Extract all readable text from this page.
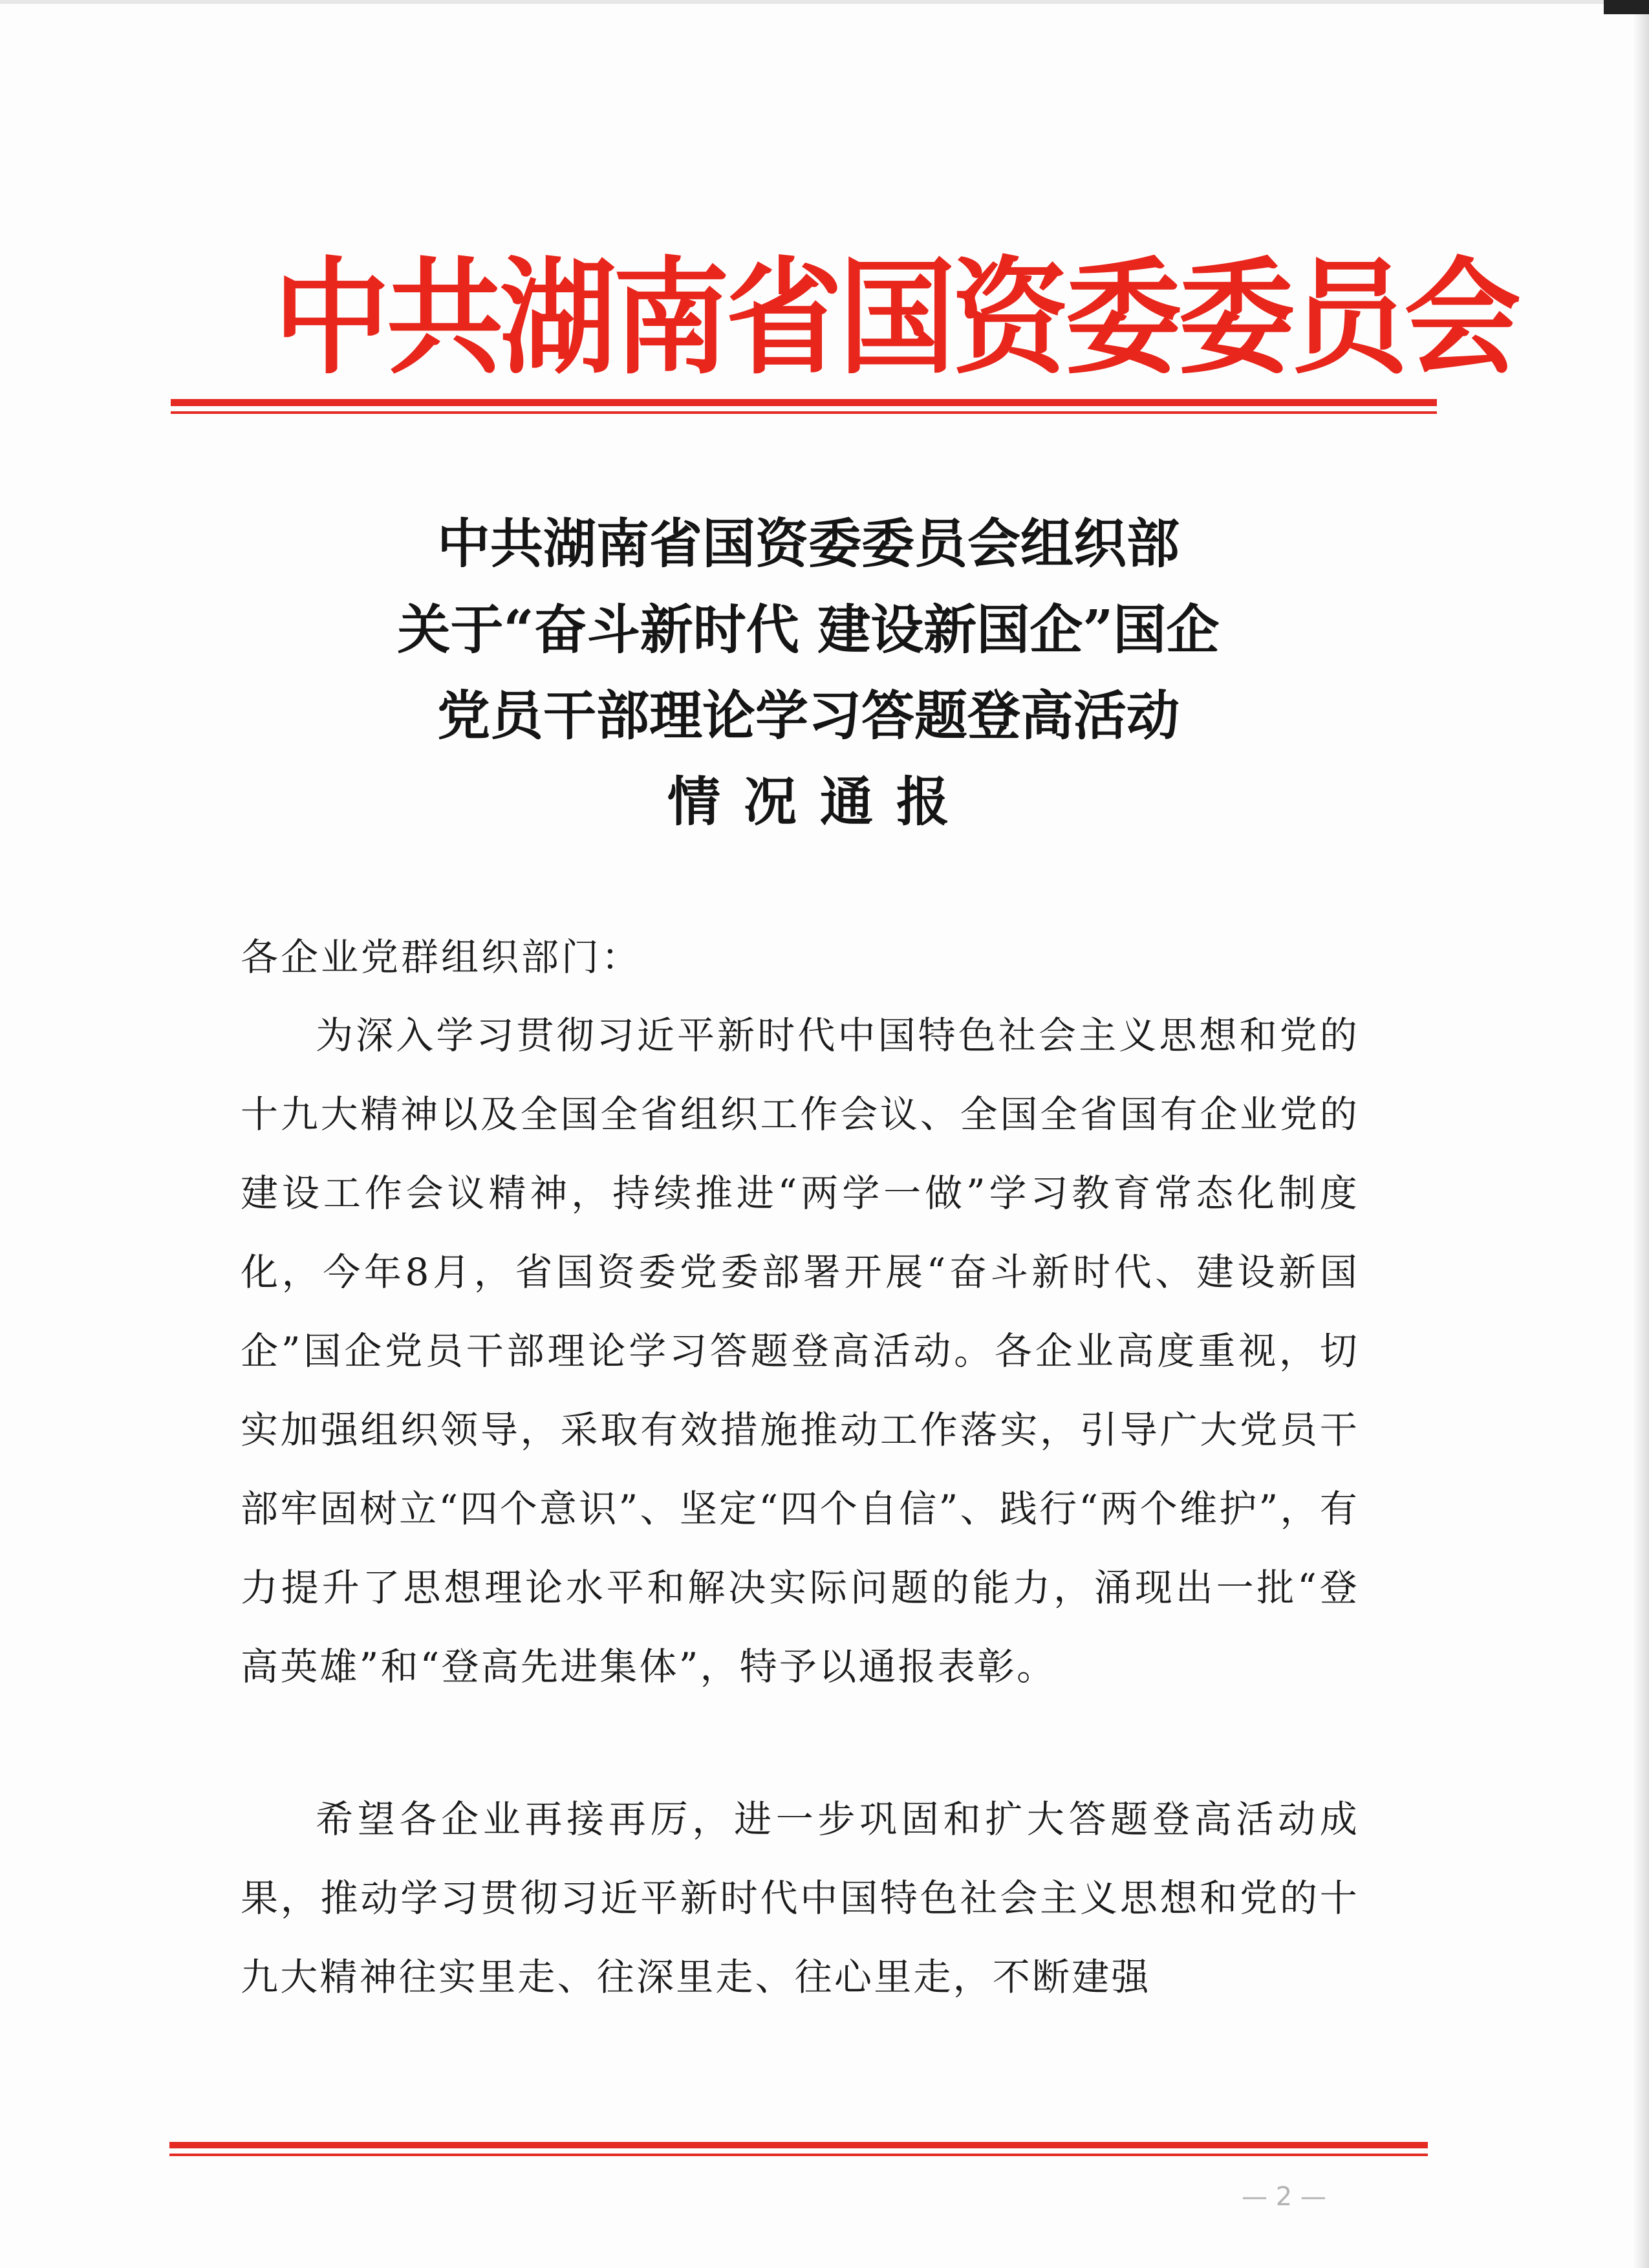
中共湖南省国资委委员会
中共湖南省国资委委员会组织部
关于“奋斗新时代 建设新国企”国企
党员干部理论学习答题登高活动
情况通报
各企业党群组织部门：

为深入学习贯彻习近平新时代中国特色社会主义思想和党的十九大精神以及全国全省组织工作会议、全国全省国有企业党的建设工作会议精神，持续推进“两学一做”学习教育常态化制度化，今年8月，省国资委党委部署开展“奋斗新时代、建设新国企”国企党员干部理论学习答题登高活动。各企业高度重视，切实加强组织领导，采取有效措施推动工作落实，引导广大党员干部牢固树立“四个意识”、坚定“四个自信”、践行“两个维护”，有力提升了思想理论水平和解决实际问题的能力，涌现出一批“登高英雄”和“登高先进集体”，特予以通报表彰。

希望各企业再接再厉，进一步巩固和扩大答题登高活动成果，推动学习贯彻习近平新时代中国特色社会主义思想和党的十九大精神往实里走、往深里走、往心里走，不断建强

— 2 —
